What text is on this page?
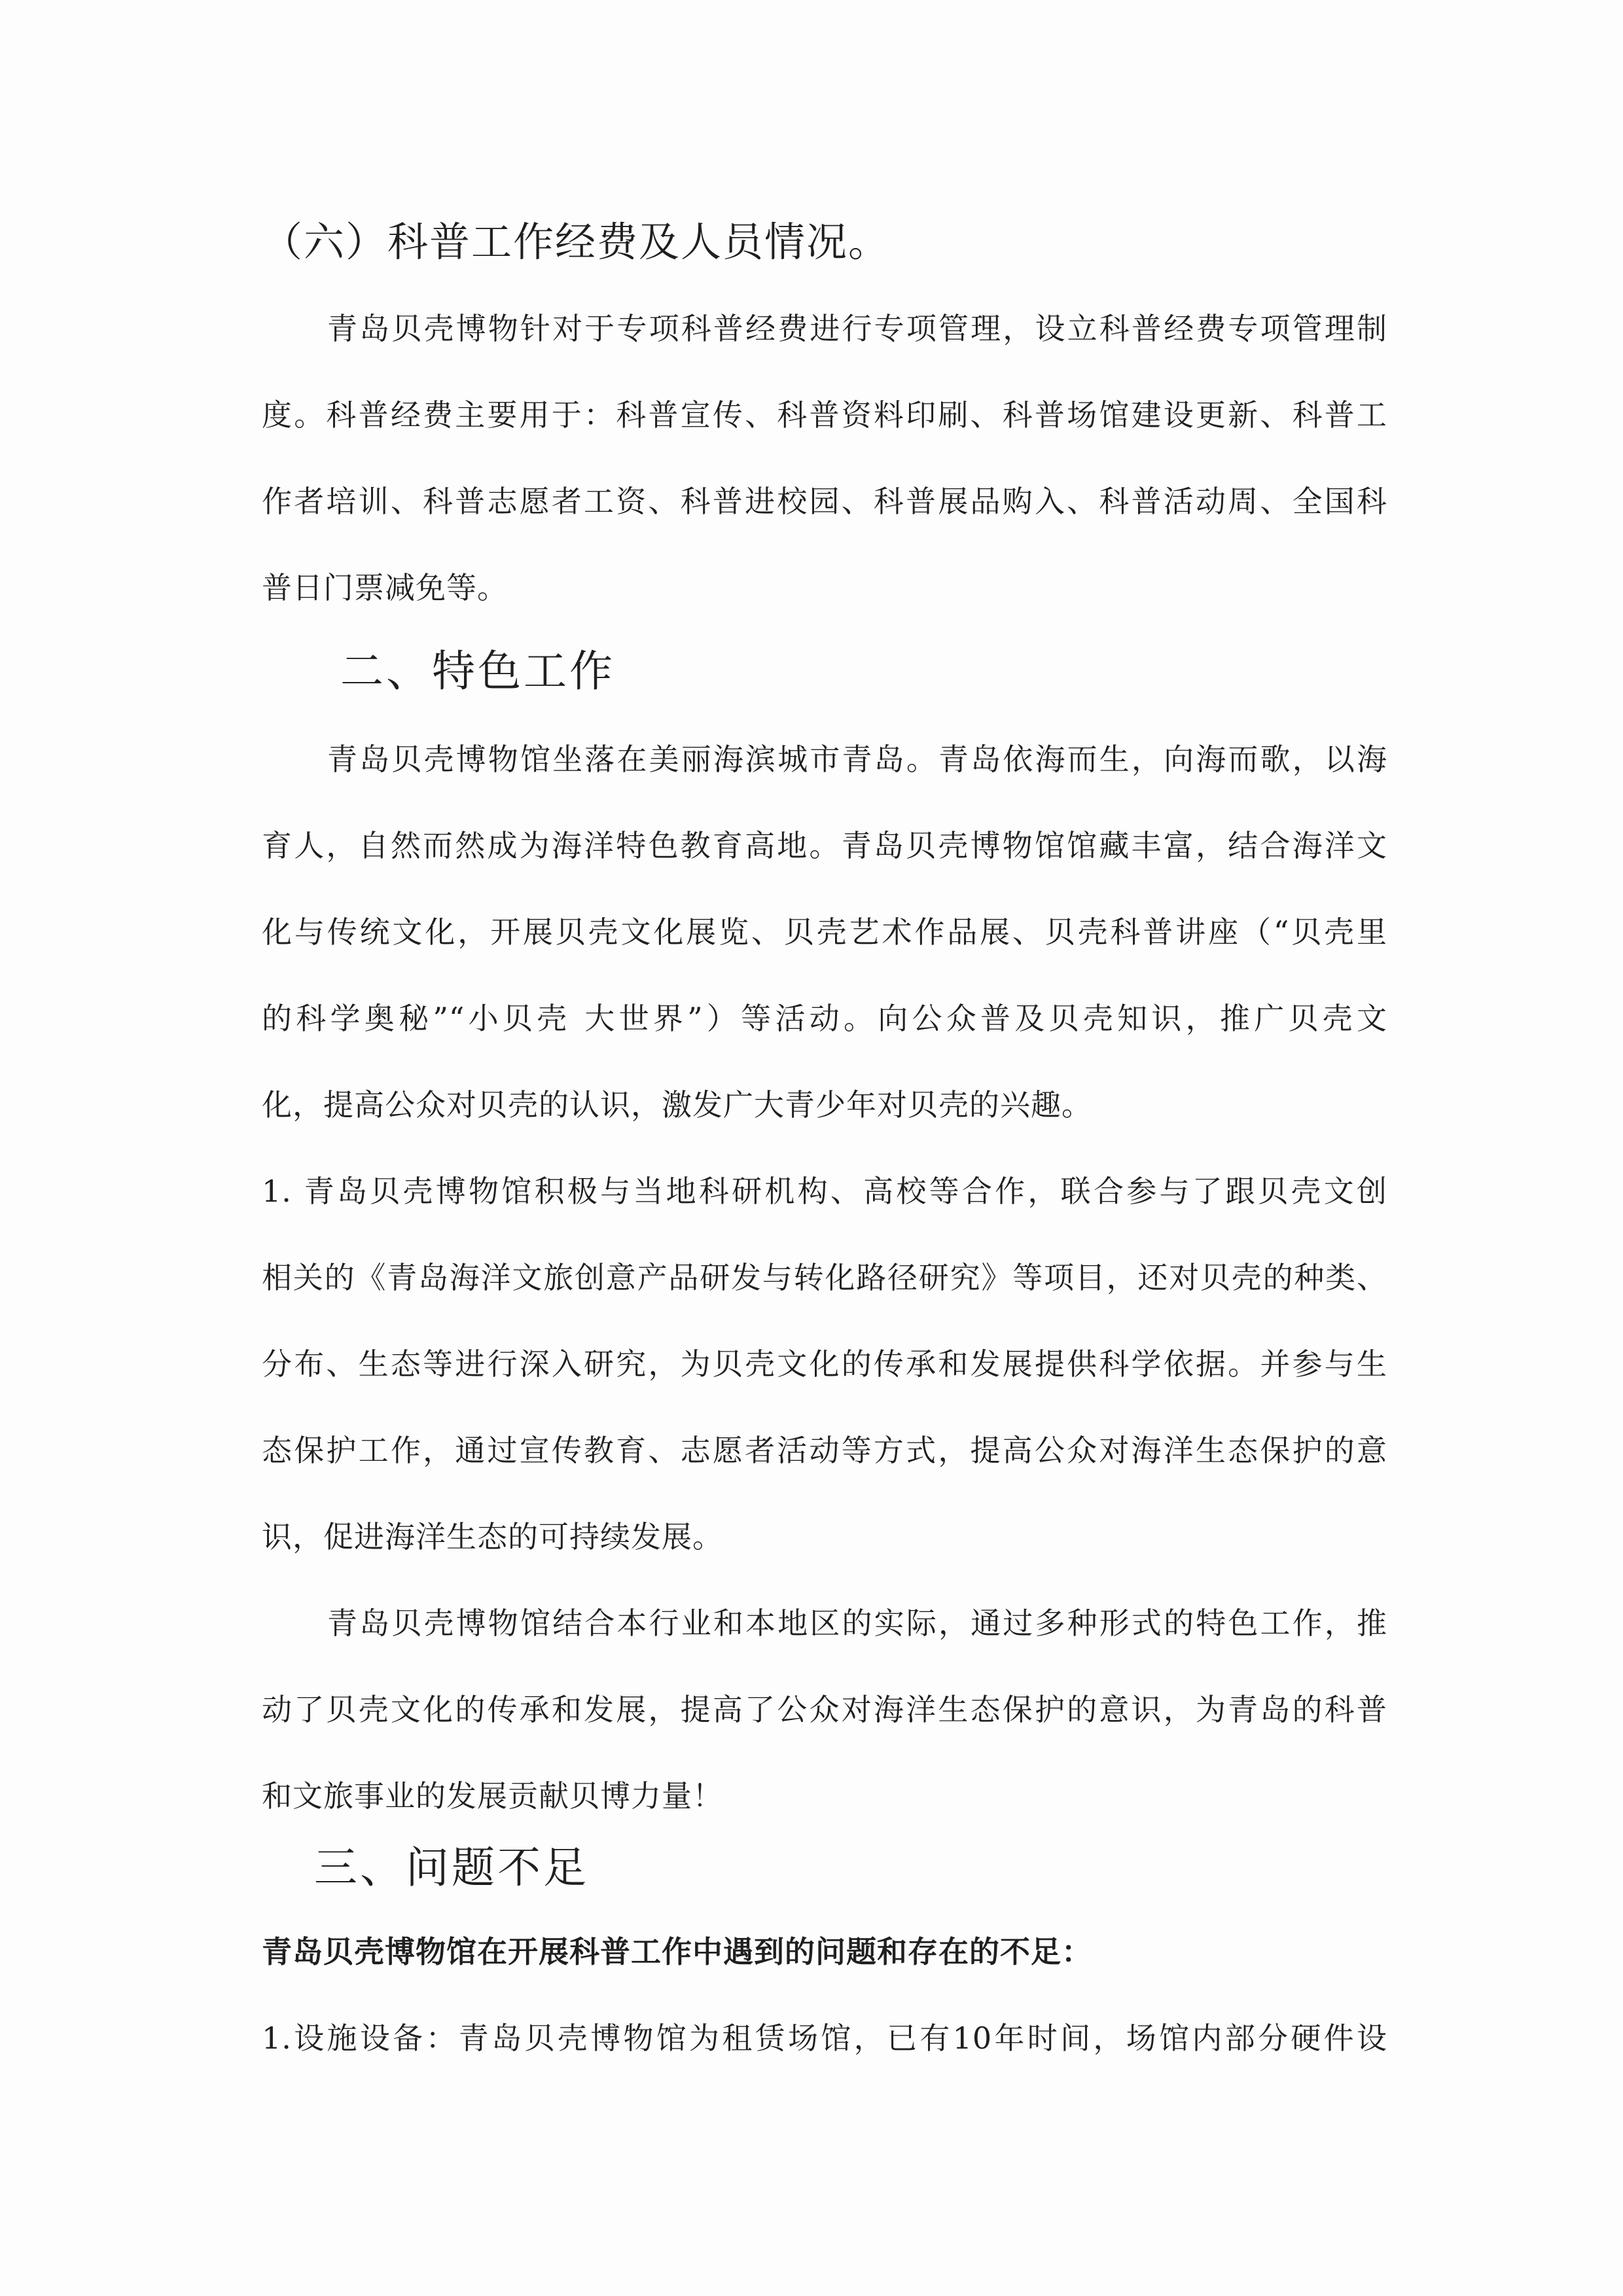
（六）科普工作经费及人员情况。
青岛贝壳博物针对于专项科普经费进行专项管理，设立科普经费专项管理制
度。科普经费主要用于：科普宣传、科普资料印刷、科普场馆建设更新、科普工
作者培训、科普志愿者工资、科普进校园、科普展品购入、科普活动周、全国科
普日门票减免等。
二、特色工作
青岛贝壳博物馆坐落在美丽海滨城市青岛。青岛依海而生，向海而歌，以海
育人，自然而然成为海洋特色教育高地。青岛贝壳博物馆馆藏丰富，结合海洋文
化与传统文化，开展贝壳文化展览、贝壳艺术作品展、贝壳科普讲座（“贝壳里
的科学奥秘”“小贝壳 大世界”）等活动。向公众普及贝壳知识，推广贝壳文
化，提高公众对贝壳的认识，激发广大青少年对贝壳的兴趣。
1. 青岛贝壳博物馆积极与当地科研机构、高校等合作，联合参与了跟贝壳文创
相关的《青岛海洋文旅创意产品研发与转化路径研究》等项目，还对贝壳的种类、
分布、生态等进行深入研究，为贝壳文化的传承和发展提供科学依据。并参与生
态保护工作，通过宣传教育、志愿者活动等方式，提高公众对海洋生态保护的意
识，促进海洋生态的可持续发展。
青岛贝壳博物馆结合本行业和本地区的实际，通过多种形式的特色工作，推
动了贝壳文化的传承和发展，提高了公众对海洋生态保护的意识，为青岛的科普
和文旅事业的发展贡献贝博力量！
三、问题不足
青岛贝壳博物馆在开展科普工作中遇到的问题和存在的不足：
1.设施设备：青岛贝壳博物馆为租赁场馆，已有10年时间，场馆内部分硬件设
